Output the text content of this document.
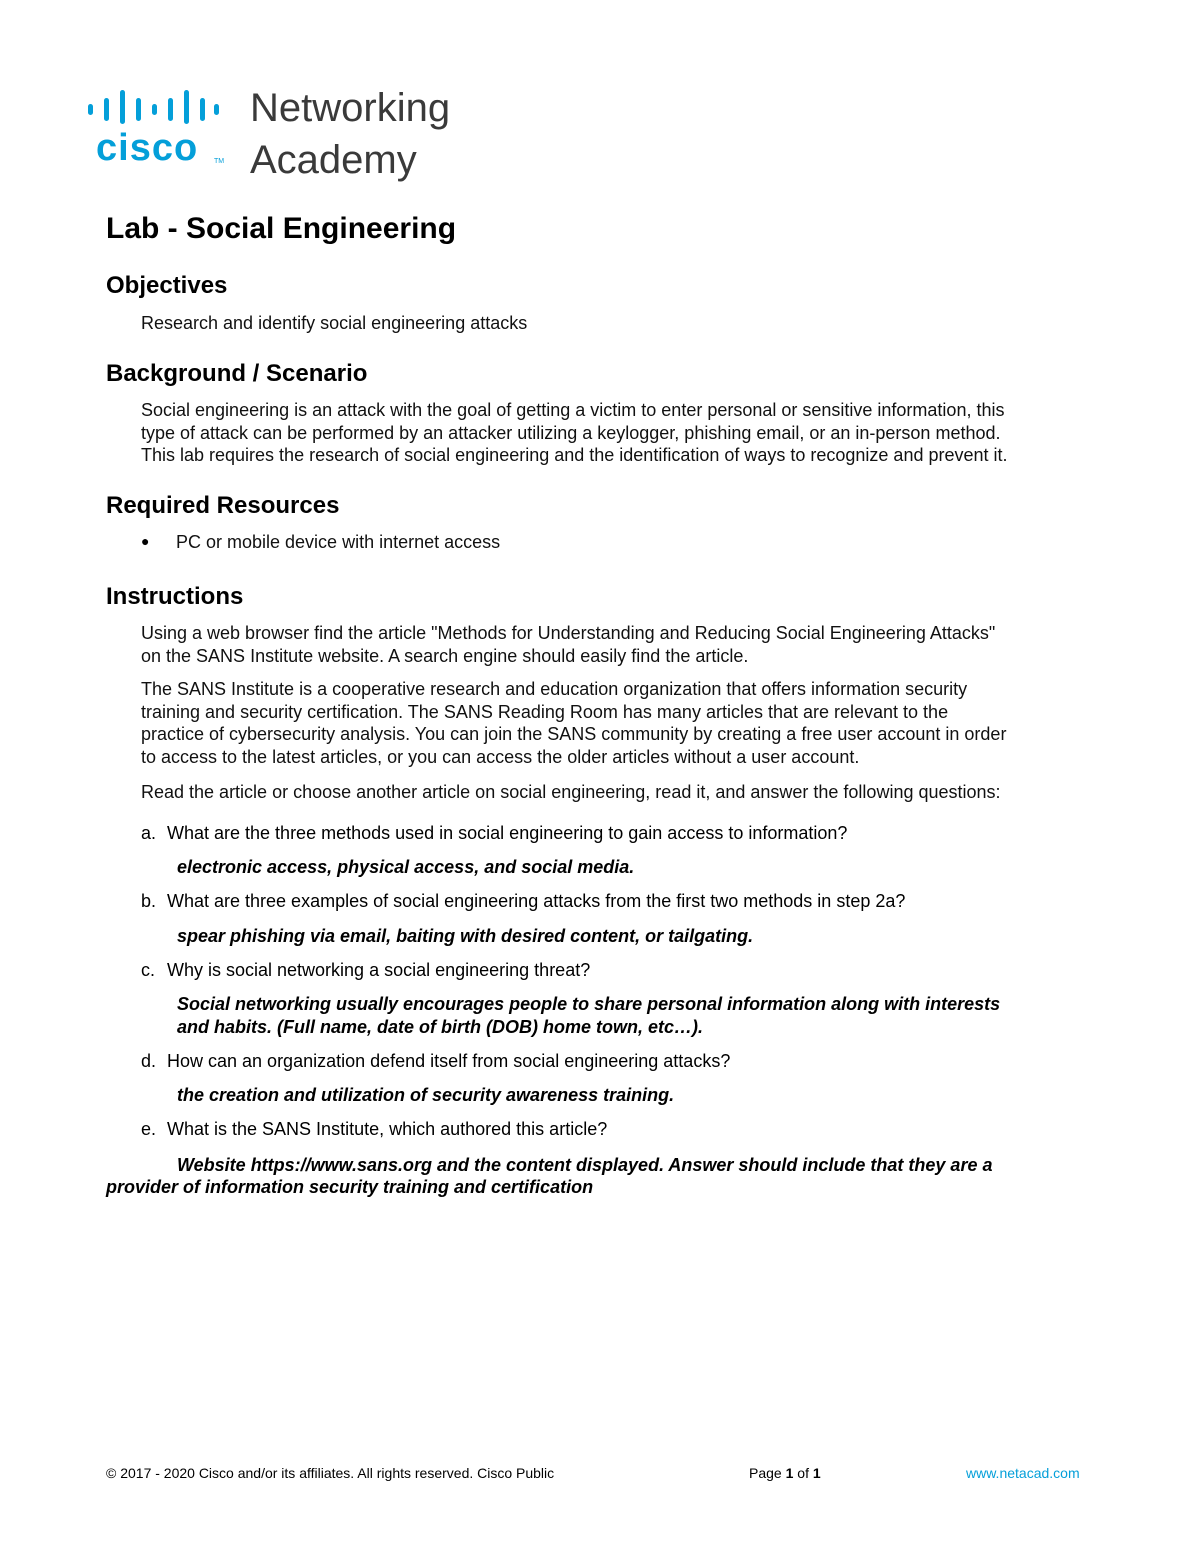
cisco TM
Networking
Academy
Lab - Social Engineering
Objectives
Research and identify social engineering attacks
Background / Scenario
Social engineering is an attack with the goal of getting a victim to enter personal or sensitive information, this
type of attack can be performed by an attacker utilizing a keylogger, phishing email, or an in-person method.
This lab requires the research of social engineering and the identification of ways to recognize and prevent it.
Required Resources
● PC or mobile device with internet access
Instructions
Using a web browser find the article "Methods for Understanding and Reducing Social Engineering Attacks"
on the SANS Institute website. A search engine should easily find the article.
The SANS Institute is a cooperative research and education organization that offers information security
training and security certification. The SANS Reading Room has many articles that are relevant to the
practice of cybersecurity analysis. You can join the SANS community by creating a free user account in order
to access to the latest articles, or you can access the older articles without a user account.
Read the article or choose another article on social engineering, read it, and answer the following questions:
a. What are the three methods used in social engineering to gain access to information?
electronic access, physical access, and social media.
b. What are three examples of social engineering attacks from the first two methods in step 2a?
spear phishing via email, baiting with desired content, or tailgating.
c. Why is social networking a social engineering threat?
Social networking usually encourages people to share personal information along with interests
and habits. (Full name, date of birth (DOB) home town, etc…).
d. How can an organization defend itself from social engineering attacks?
the creation and utilization of security awareness training.
e. What is the SANS Institute, which authored this article?
Website https://www.sans.org and the content displayed. Answer should include that they are a
provider of information security training and certification
© 2017 - 2020 Cisco and/or its affiliates. All rights reserved. Cisco Public	Page 1 of 1	www.netacad.com
